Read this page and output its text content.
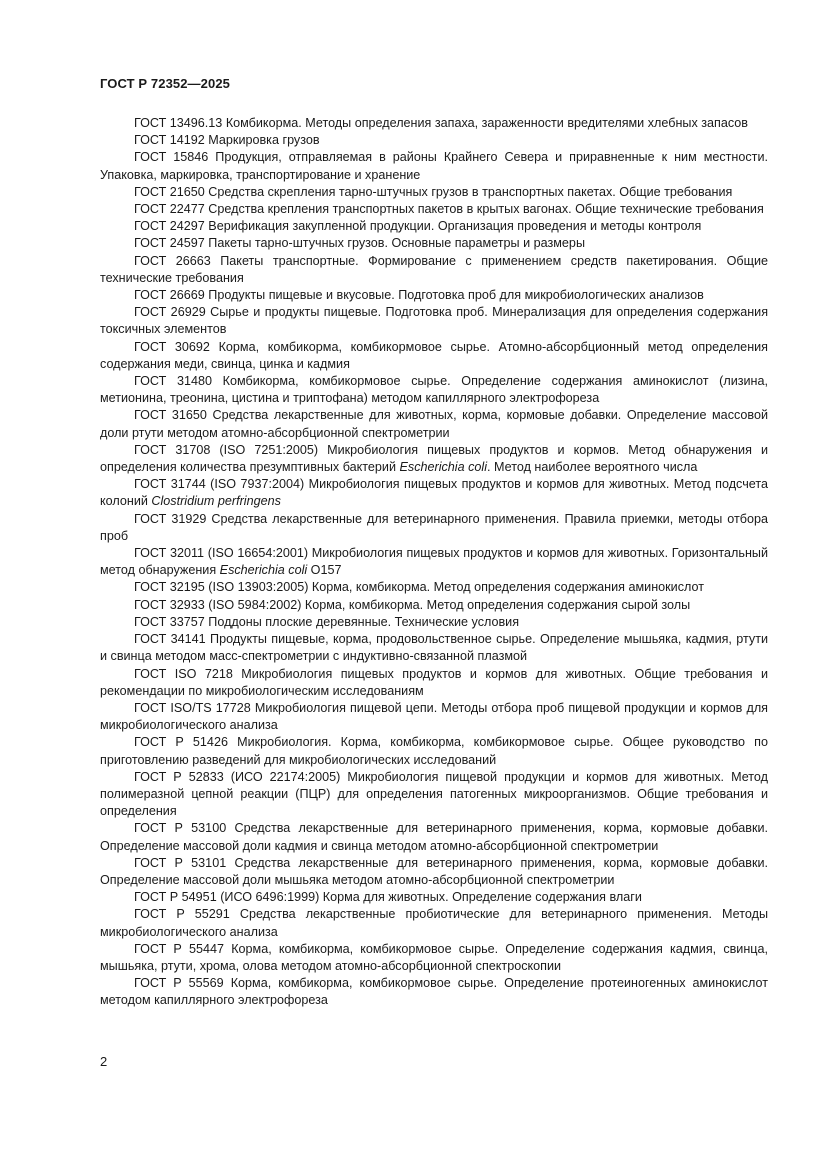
ГОСТ Р 72352—2025

ГОСТ 13496.13 Комбикорма. Методы определения запаха, зараженности вредителями хлебных запасов

ГОСТ 14192 Маркировка грузов

ГОСТ 15846 Продукция, отправляемая в районы Крайнего Севера и приравненные к ним местности. Упаковка, маркировка, транспортирование и хранение

ГОСТ 21650 Средства скрепления тарно-штучных грузов в транспортных пакетах. Общие требования

ГОСТ 22477 Средства крепления транспортных пакетов в крытых вагонах. Общие технические требования

ГОСТ 24297 Верификация закупленной продукции. Организация проведения и методы контроля

ГОСТ 24597 Пакеты тарно-штучных грузов. Основные параметры и размеры

ГОСТ 26663 Пакеты транспортные. Формирование с применением средств пакетирования. Общие технические требования

ГОСТ 26669 Продукты пищевые и вкусовые. Подготовка проб для микробиологических анализов

ГОСТ 26929 Сырье и продукты пищевые. Подготовка проб. Минерализация для определения содержания токсичных элементов

ГОСТ 30692 Корма, комбикорма, комбикормовое сырье. Атомно-абсорбционный метод определения содержания меди, свинца, цинка и кадмия

ГОСТ 31480 Комбикорма, комбикормовое сырье. Определение содержания аминокислот (лизина, метионина, треонина, цистина и триптофана) методом капиллярного электрофореза

ГОСТ 31650 Средства лекарственные для животных, корма, кормовые добавки. Определение массовой доли ртути методом атомно-абсорбционной спектрометрии

ГОСТ 31708 (ISO 7251:2005) Микробиология пищевых продуктов и кормов. Метод обнаружения и определения количества презумптивных бактерий Escherichia coli. Метод наиболее вероятного числа

ГОСТ 31744 (ISO 7937:2004) Микробиология пищевых продуктов и кормов для животных. Метод подсчета колоний Clostridium perfringens

ГОСТ 31929 Средства лекарственные для ветеринарного применения. Правила приемки, методы отбора проб

ГОСТ 32011 (ISO 16654:2001) Микробиология пищевых продуктов и кормов для животных. Горизонтальный метод обнаружения Escherichia coli O157

ГОСТ 32195 (ISO 13903:2005) Корма, комбикорма. Метод определения содержания аминокислот

ГОСТ 32933 (ISO 5984:2002) Корма, комбикорма. Метод определения содержания сырой золы

ГОСТ 33757 Поддоны плоские деревянные. Технические условия

ГОСТ 34141 Продукты пищевые, корма, продовольственное сырье. Определение мышьяка, кадмия, ртути и свинца методом масс-спектрометрии с индуктивно-связанной плазмой

ГОСТ ISO 7218 Микробиология пищевых продуктов и кормов для животных. Общие требования и рекомендации по микробиологическим исследованиям

ГОСТ ISO/TS 17728 Микробиология пищевой цепи. Методы отбора проб пищевой продукции и кормов для микробиологического анализа

ГОСТ Р 51426 Микробиология. Корма, комбикорма, комбикормовое сырье. Общее руководство по приготовлению разведений для микробиологических исследований

ГОСТ Р 52833 (ИСО 22174:2005) Микробиология пищевой продукции и кормов для животных. Метод полимеразной цепной реакции (ПЦР) для определения патогенных микроорганизмов. Общие требования и определения

ГОСТ Р 53100 Средства лекарственные для ветеринарного применения, корма, кормовые добавки. Определение массовой доли кадмия и свинца методом атомно-абсорбционной спектрометрии

ГОСТ Р 53101 Средства лекарственные для ветеринарного применения, корма, кормовые добавки. Определение массовой доли мышьяка методом атомно-абсорбционной спектрометрии

ГОСТ Р 54951 (ИСО 6496:1999) Корма для животных. Определение содержания влаги

ГОСТ Р 55291 Средства лекарственные пробиотические для ветеринарного применения. Методы микробиологического анализа

ГОСТ Р 55447 Корма, комбикорма, комбикормовое сырье. Определение содержания кадмия, свинца, мышьяка, ртути, хрома, олова методом атомно-абсорбционной спектроскопии

ГОСТ Р 55569 Корма, комбикорма, комбикормовое сырье. Определение протеиногенных аминокислот методом капиллярного электрофореза

2
